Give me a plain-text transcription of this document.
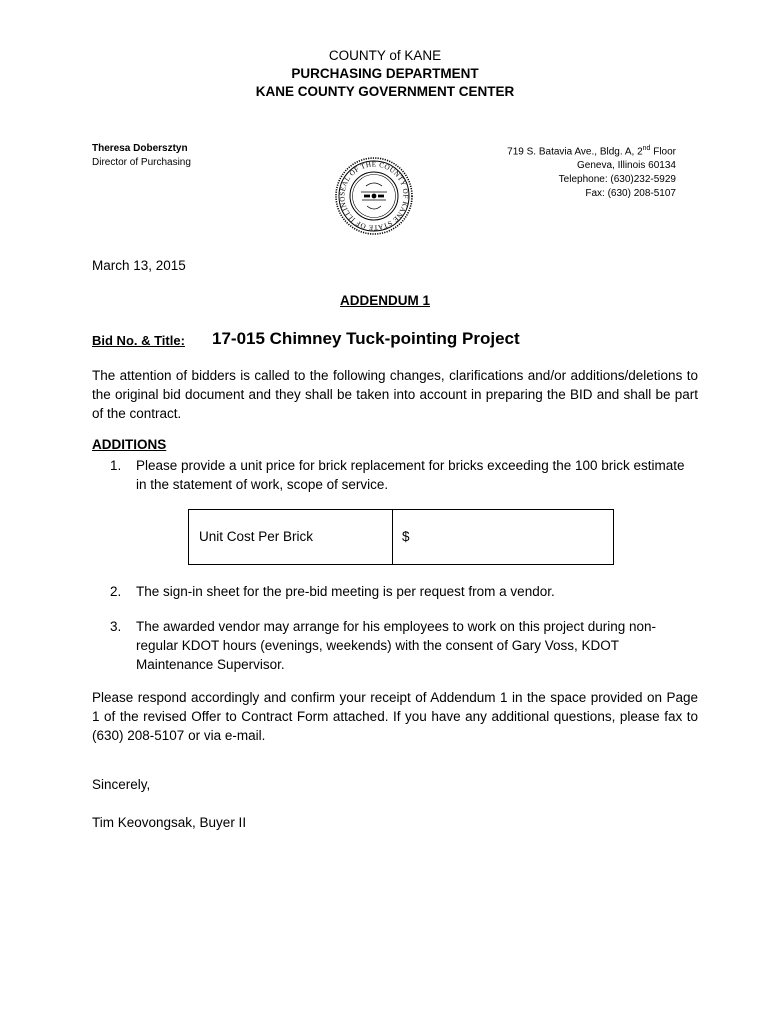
COUNTY of KANE
PURCHASING DEPARTMENT
KANE COUNTY GOVERNMENT CENTER
Theresa Dobersztyn
Director of Purchasing
719 S. Batavia Ave., Bldg. A, 2nd Floor
Geneva, Illinois 60134
Telephone: (630)232-5929
Fax: (630) 208-5107
SEAL OF THE COUNTY OF KANE STATE OF ILLINO
March 13, 2015
ADDENDUM 1
Bid No. & Title: 17-015 Chimney Tuck-pointing Project
The attention of bidders is called to the following changes, clarifications and/or additions/deletions to the original bid document and they shall be taken into account in preparing the BID and shall be part of the contract.
ADDITIONS
1. Please provide a unit price for brick replacement for bricks exceeding the 100 brick estimate in the statement of work, scope of service.
Unit Cost Per Brick	$
2. The sign-in sheet for the pre-bid meeting is per request from a vendor.
3. The awarded vendor may arrange for his employees to work on this project during non-regular KDOT hours (evenings, weekends) with the consent of Gary Voss, KDOT Maintenance Supervisor.
Please respond accordingly and confirm your receipt of Addendum 1 in the space provided on Page 1 of the revised Offer to Contract Form attached. If you have any additional questions, please fax to (630) 208-5107 or via e-mail.
Sincerely,
Tim Keovongsak, Buyer II
